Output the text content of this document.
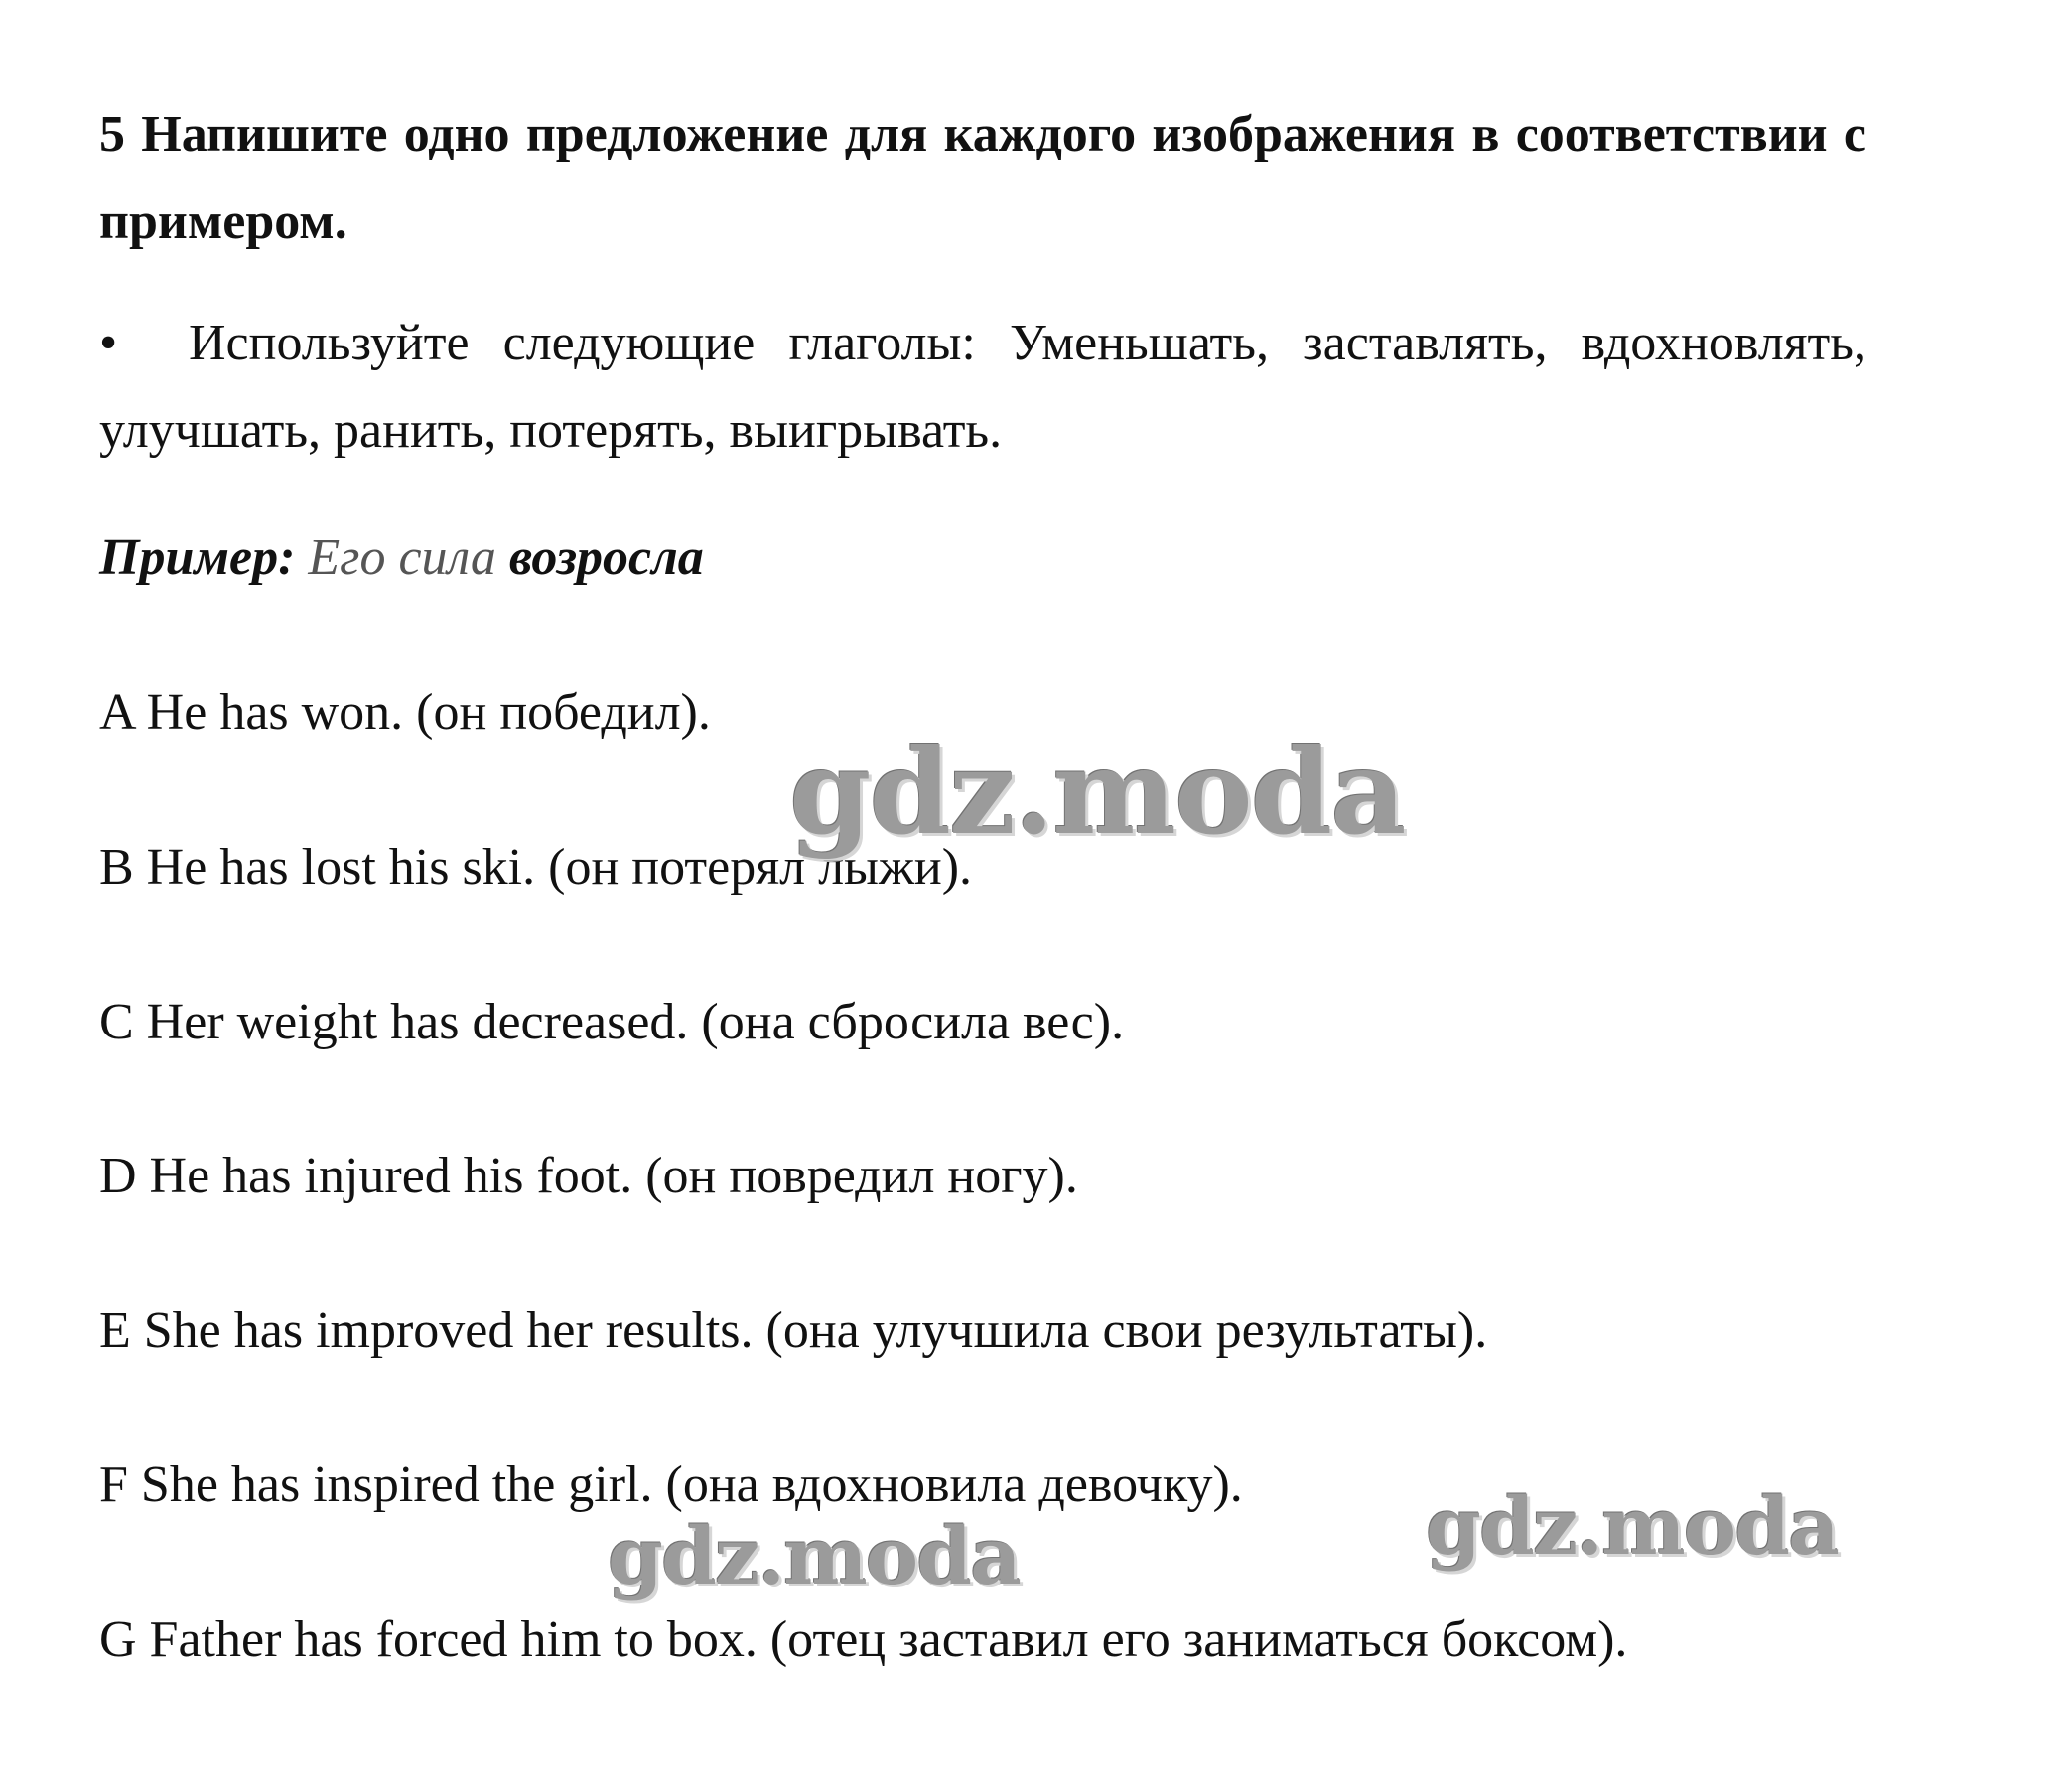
5 Напишите одно предложение для каждого изображения в соответствии с примером.

• Используйте следующие глаголы: Уменьшать, заставлять, вдохновлять, улучшать, ранить, потерять, выигрывать.

Пример: Его сила возросла

A He has won. (он победил).

B He has lost his ski. (он потерял лыжи).

C Her weight has decreased. (она сбросила вес).

D He has injured his foot. (он повредил ногу).

E She has improved her results. (она улучшила свои результаты).

F She has inspired the girl. (она вдохновила девочку).

G Father has forced him to box. (отец заставил его заниматься боксом).

gdz.moda
gdz.moda	gdz.moda
